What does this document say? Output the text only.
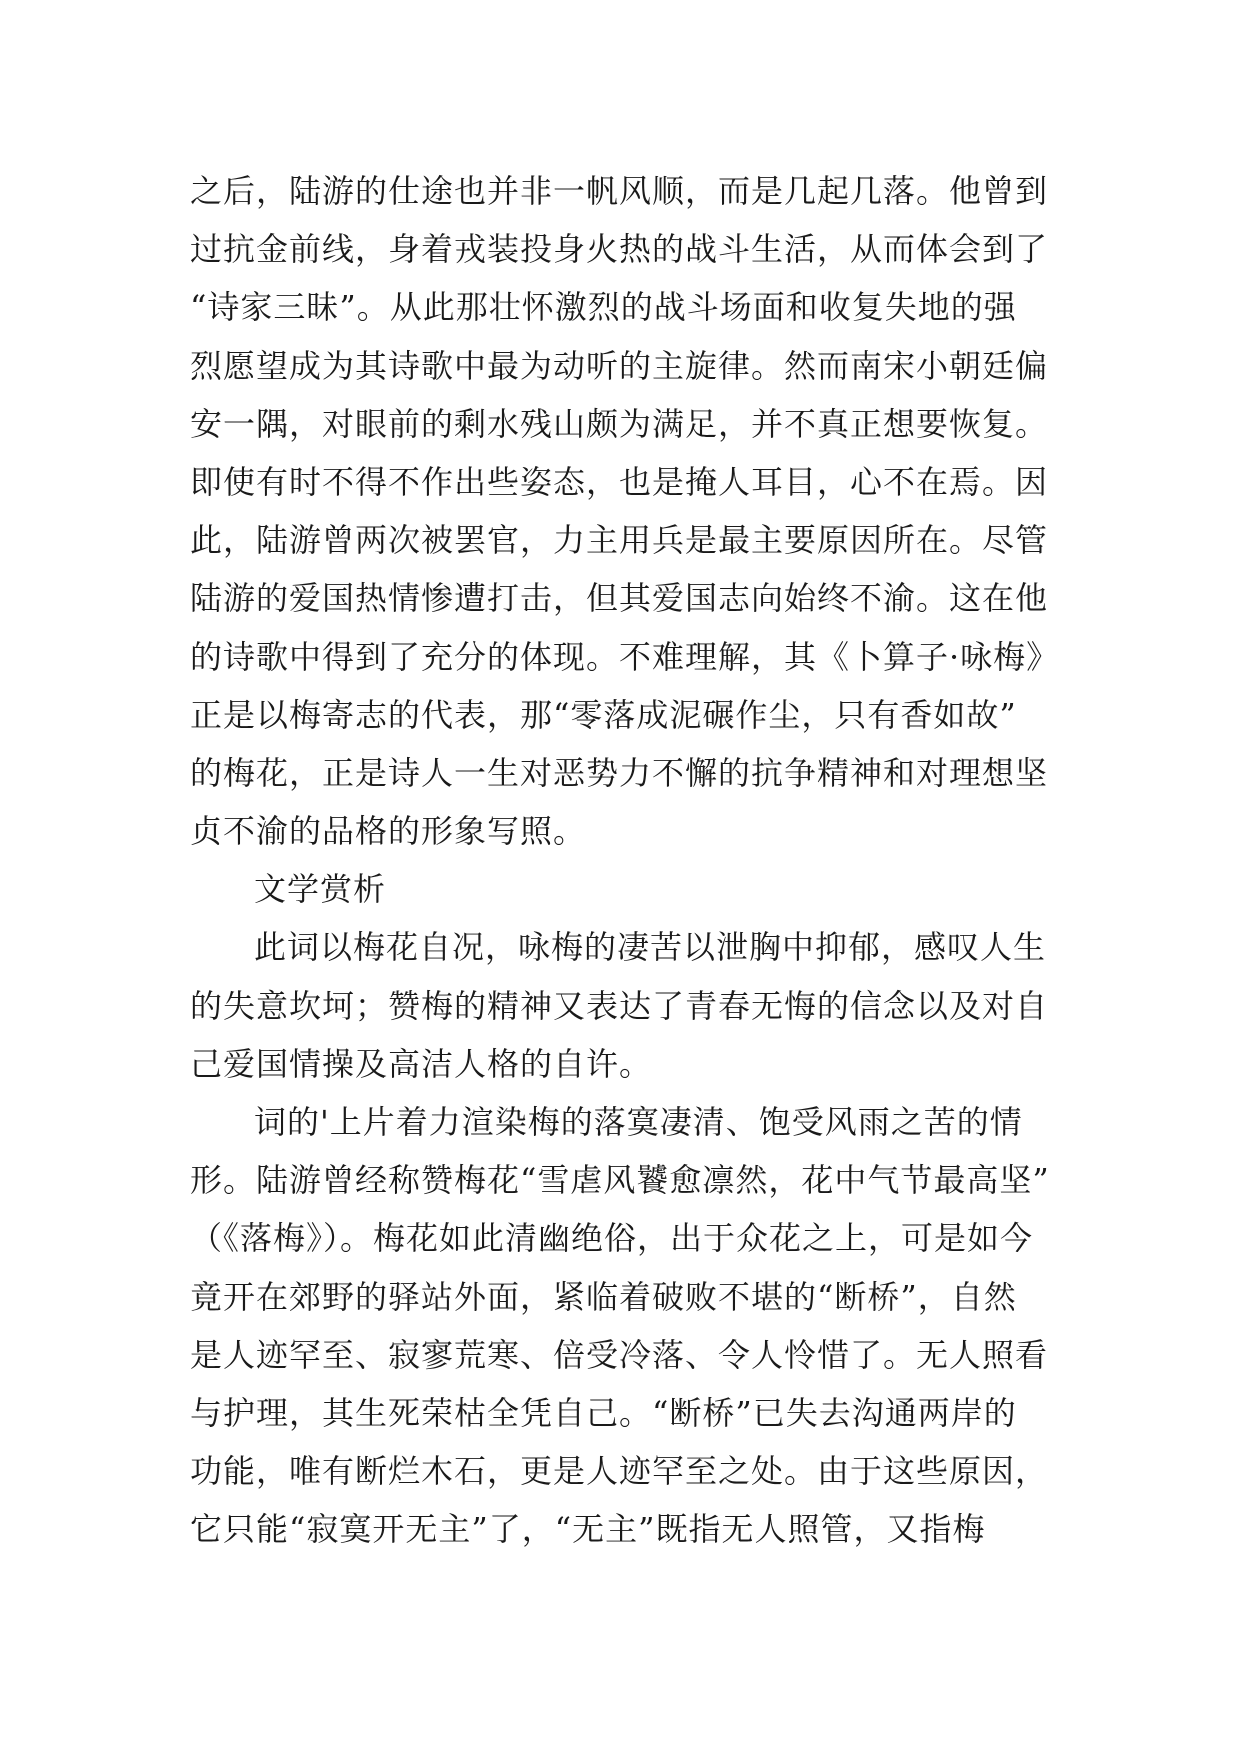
之后，陆游的仕途也并非一帆风顺，而是几起几落。他曾到
过抗金前线，身着戎装投身火热的战斗生活，从而体会到了
“诗家三昧”。从此那壮怀激烈的战斗场面和收复失地的强
烈愿望成为其诗歌中最为动听的主旋律。然而南宋小朝廷偏
安一隅，对眼前的剩水残山颇为满足，并不真正想要恢复。
即使有时不得不作出些姿态，也是掩人耳目，心不在焉。因
此，陆游曾两次被罢官，力主用兵是最主要原因所在。尽管
陆游的爱国热情惨遭打击，但其爱国志向始终不渝。这在他
的诗歌中得到了充分的体现。不难理解，其《卜算子·咏梅》
正是以梅寄志的代表，那“零落成泥碾作尘，只有香如故”
的梅花，正是诗人一生对恶势力不懈的抗争精神和对理想坚
贞不渝的品格的形象写照。
文学赏析
此词以梅花自况，咏梅的凄苦以泄胸中抑郁，感叹人生
的失意坎坷；赞梅的精神又表达了青春无悔的信念以及对自
己爱国情操及高洁人格的自许。
词的'上片着力渲染梅的落寞凄清、饱受风雨之苦的情
形。陆游曾经称赞梅花“雪虐风饕愈凛然，花中气节最高坚”
（《落梅》）。梅花如此清幽绝俗，出于众花之上，可是如今
竟开在郊野的驿站外面，紧临着破败不堪的“断桥”，自然
是人迹罕至、寂寥荒寒、倍受冷落、令人怜惜了。无人照看
与护理，其生死荣枯全凭自己。“断桥”已失去沟通两岸的
功能，唯有断烂木石，更是人迹罕至之处。由于这些原因，
它只能“寂寞开无主”了，“无主”既指无人照管，又指梅
